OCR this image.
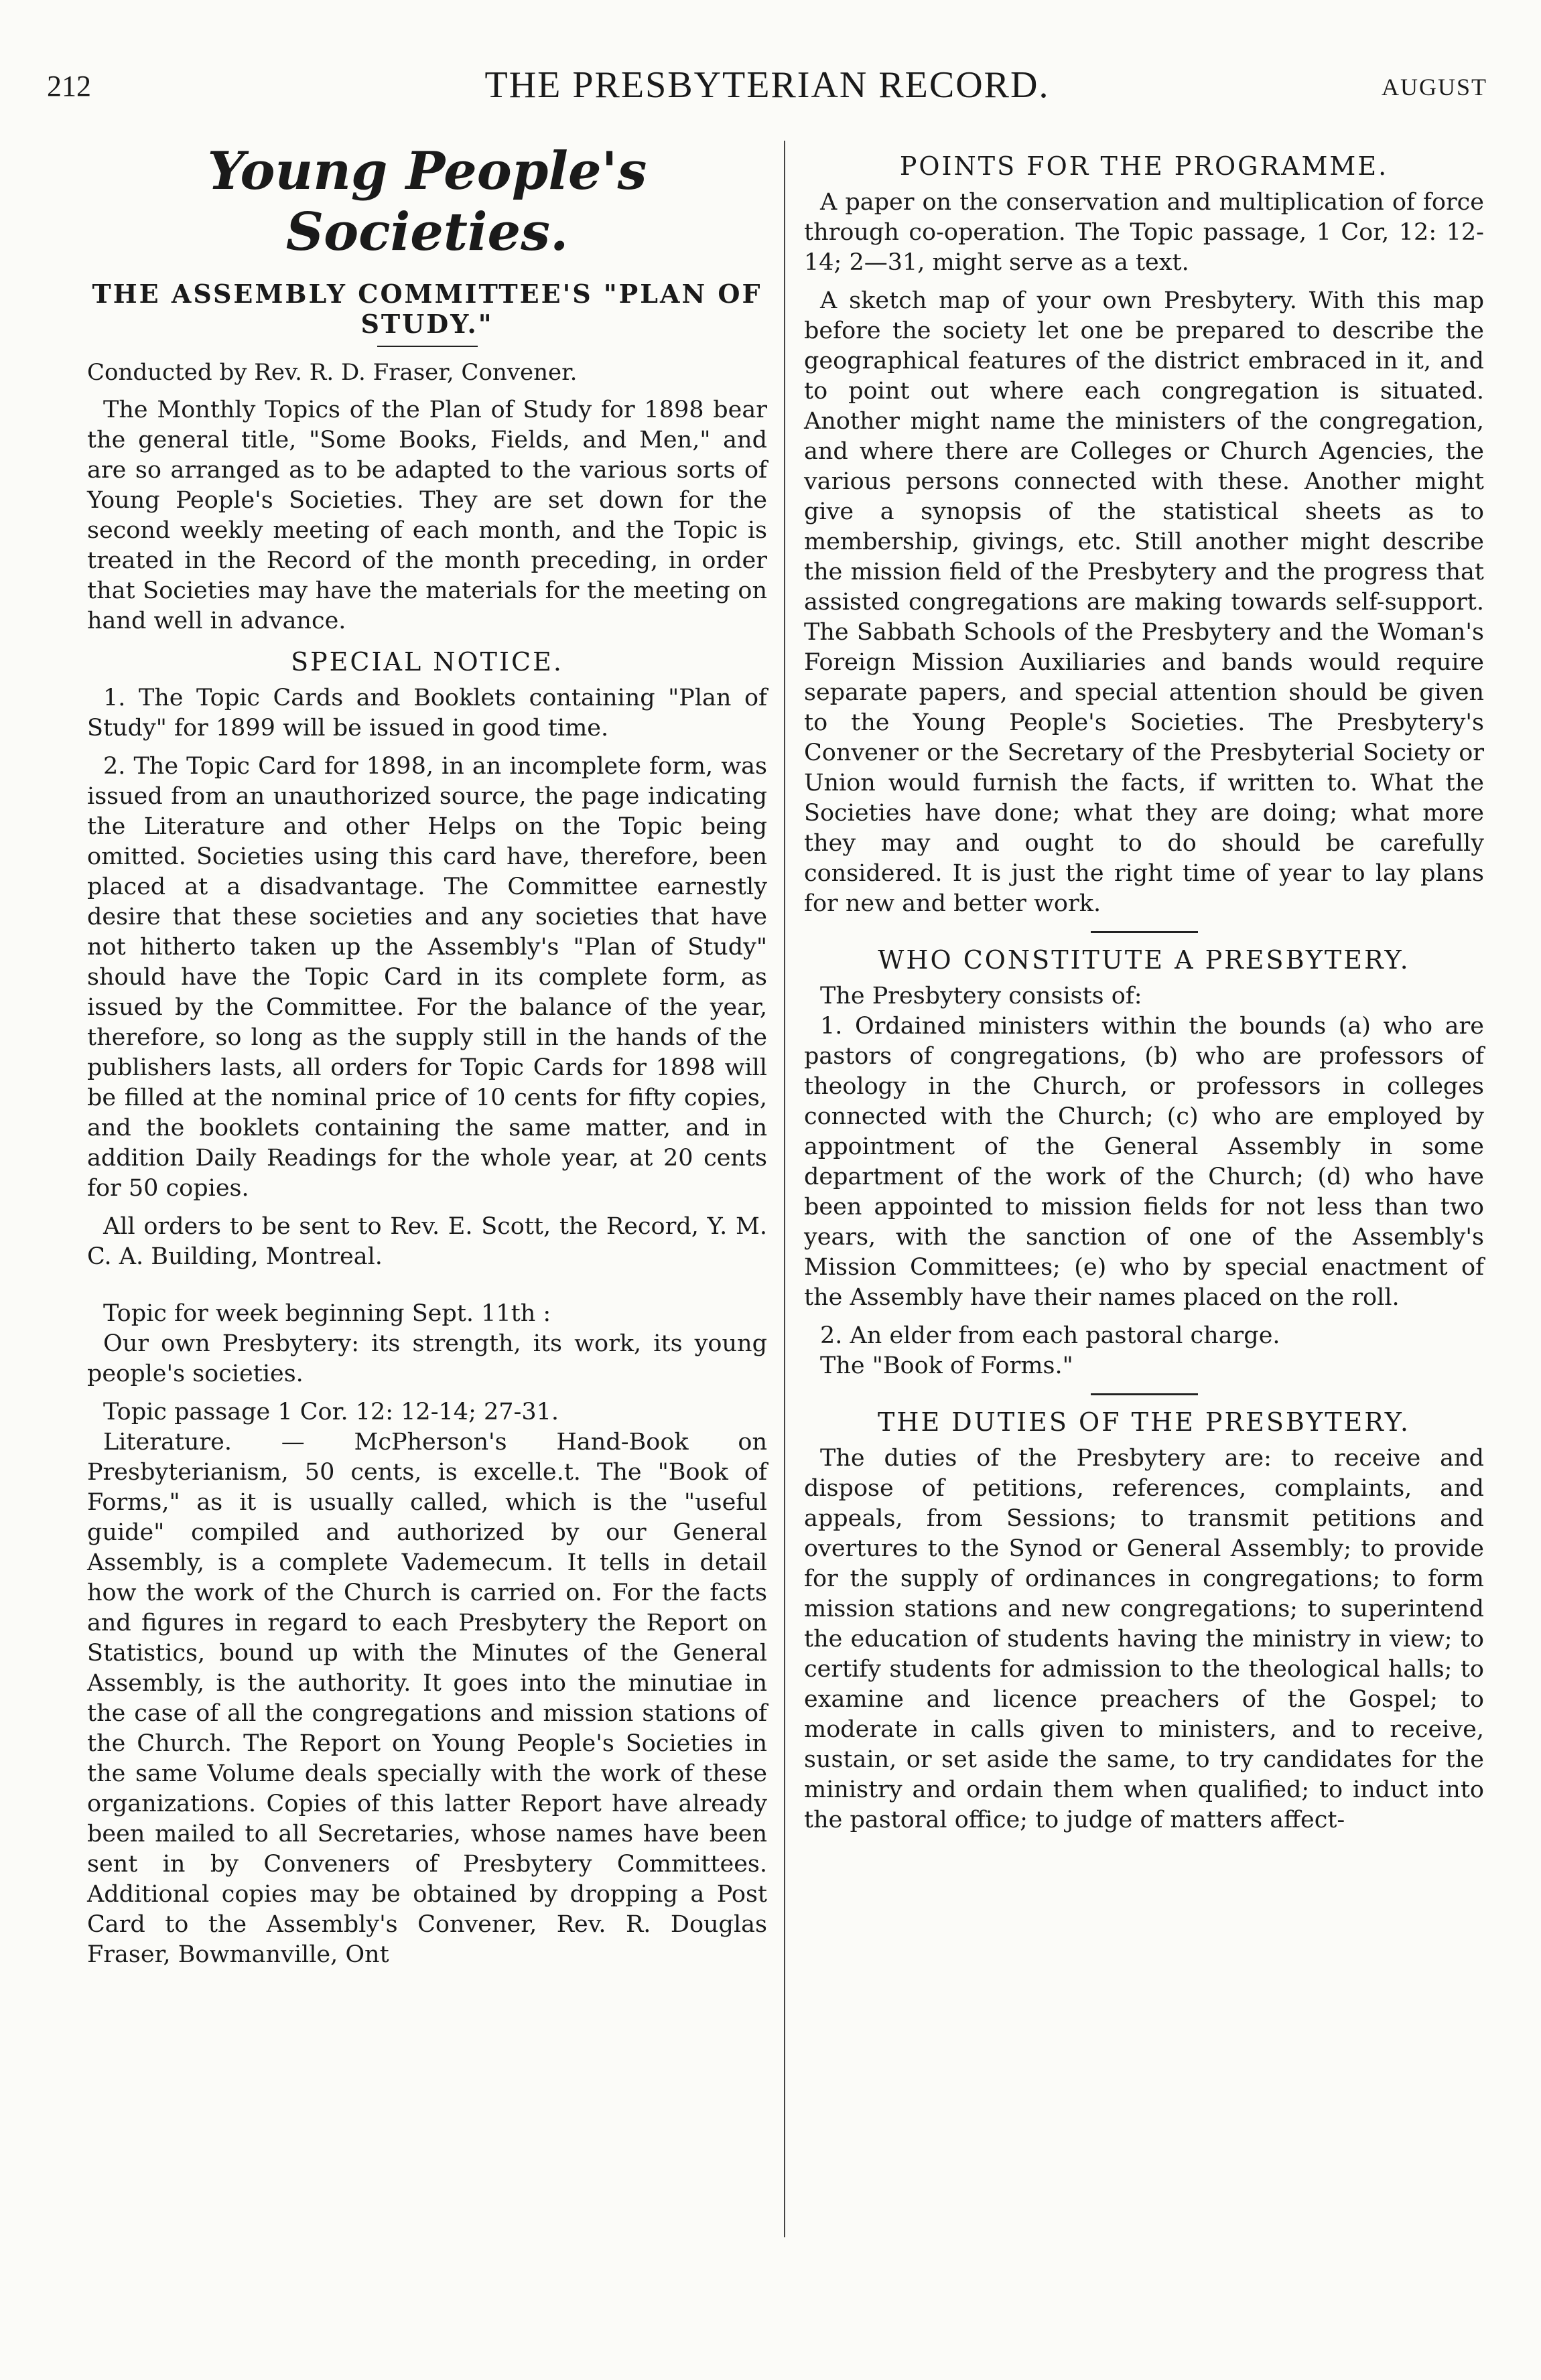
212	THE PRESBYTERIAN RECORD.	AUGUST
Young People's Societies.
THE ASSEMBLY COMMITTEE'S "PLAN OF STUDY."
Conducted by Rev. R. D. Fraser, Convener.

The Monthly Topics of the Plan of Study for 1898 bear the general title, "Some Books, Fields, and Men," and are so arranged as to be adapted to the various sorts of Young People's Societies. They are set down for the second weekly meeting of each month, and the Topic is treated in the Record of the month preceding, in order that Societies may have the materials for the meeting on hand well in advance.

SPECIAL NOTICE.

1. The Topic Cards and Booklets containing "Plan of Study" for 1899 will be issued in good time.

2. The Topic Card for 1898, in an incomplete form, was issued from an unauthorized source, the page indicating the Literature and other Helps on the Topic being omitted. Societies using this card have, therefore, been placed at a disadvantage. The Committee earnestly desire that these societies and any societies that have not hitherto taken up the Assembly's "Plan of Study" should have the Topic Card in its complete form, as issued by the Committee. For the balance of the year, therefore, so long as the supply still in the hands of the publishers lasts, all orders for Topic Cards for 1898 will be filled at the nominal price of 10 cents for fifty copies, and the booklets containing the same matter, and in addition Daily Readings for the whole year, at 20 cents for 50 copies.

All orders to be sent to Rev. E. Scott, the Record, Y. M. C. A. Building, Montreal.

Topic for week beginning Sept. 11th :

Our own Presbytery: its strength, its work, its young people's societies.

Topic passage 1 Cor. 12: 12-14; 27-31.

Literature. — McPherson's Hand-Book on Presbyterianism, 50 cents, is excelle.t. The "Book of Forms," as it is usually called, which is the "useful guide" compiled and authorized by our General Assembly, is a complete Vademecum. It tells in detail how the work of the Church is carried on. For the facts and figures in regard to each Presbytery the Report on Statistics, bound up with the Minutes of the General Assembly, is the authority. It goes into the minutiae in the case of all the congregations and mission stations of the Church. The Report on Young People's Societies in the same Volume deals specially with the work of these organizations. Copies of this latter Report have already been mailed to all Secretaries, whose names have been sent in by Conveners of Presbytery Committees. Additional copies may be obtained by dropping a Post Card to the Assembly's Convener, Rev. R. Douglas Fraser, Bowmanville, Ont

POINTS FOR THE PROGRAMME.

A paper on the conservation and multiplication of force through co-operation. The Topic passage, 1 Cor, 12: 12-14; 2—31, might serve as a text.

A sketch map of your own Presbytery. With this map before the society let one be prepared to describe the geographical features of the district embraced in it, and to point out where each congregation is situated. Another might name the ministers of the congregation, and where there are Colleges or Church Agencies, the various persons connected with these. Another might give a synopsis of the statistical sheets as to membership, givings, etc. Still another might describe the mission field of the Presbytery and the progress that assisted congregations are making towards self-support. The Sabbath Schools of the Presbytery and the Woman's Foreign Mission Auxiliaries and bands would require separate papers, and special attention should be given to the Young People's Societies. The Presbytery's Convener or the Secretary of the Presbyterial Society or Union would furnish the facts, if written to. What the Societies have done; what they are doing; what more they may and ought to do should be carefully considered. It is just the right time of year to lay plans for new and better work.

WHO CONSTITUTE A PRESBYTERY.

The Presbytery consists of:

1. Ordained ministers within the bounds (a) who are pastors of congregations, (b) who are professors of theology in the Church, or professors in colleges connected with the Church; (c) who are employed by appointment of the General Assembly in some department of the work of the Church; (d) who have been appointed to mission fields for not less than two years, with the sanction of one of the Assembly's Mission Committees; (e) who by special enactment of the Assembly have their names placed on the roll.

2. An elder from each pastoral charge.

The "Book of Forms."

THE DUTIES OF THE PRESBYTERY.

The duties of the Presbytery are: to receive and dispose of petitions, references, complaints, and appeals, from Sessions; to transmit petitions and overtures to the Synod or General Assembly; to provide for the supply of ordinances in congregations; to form mission stations and new congregations; to superintend the education of students having the ministry in view; to certify students for admission to the theological halls; to examine and licence preachers of the Gospel; to moderate in calls given to ministers, and to receive, sustain, or set aside the same, to try candidates for the ministry and ordain them when qualified; to induct into the pastoral office; to judge of matters affect-
